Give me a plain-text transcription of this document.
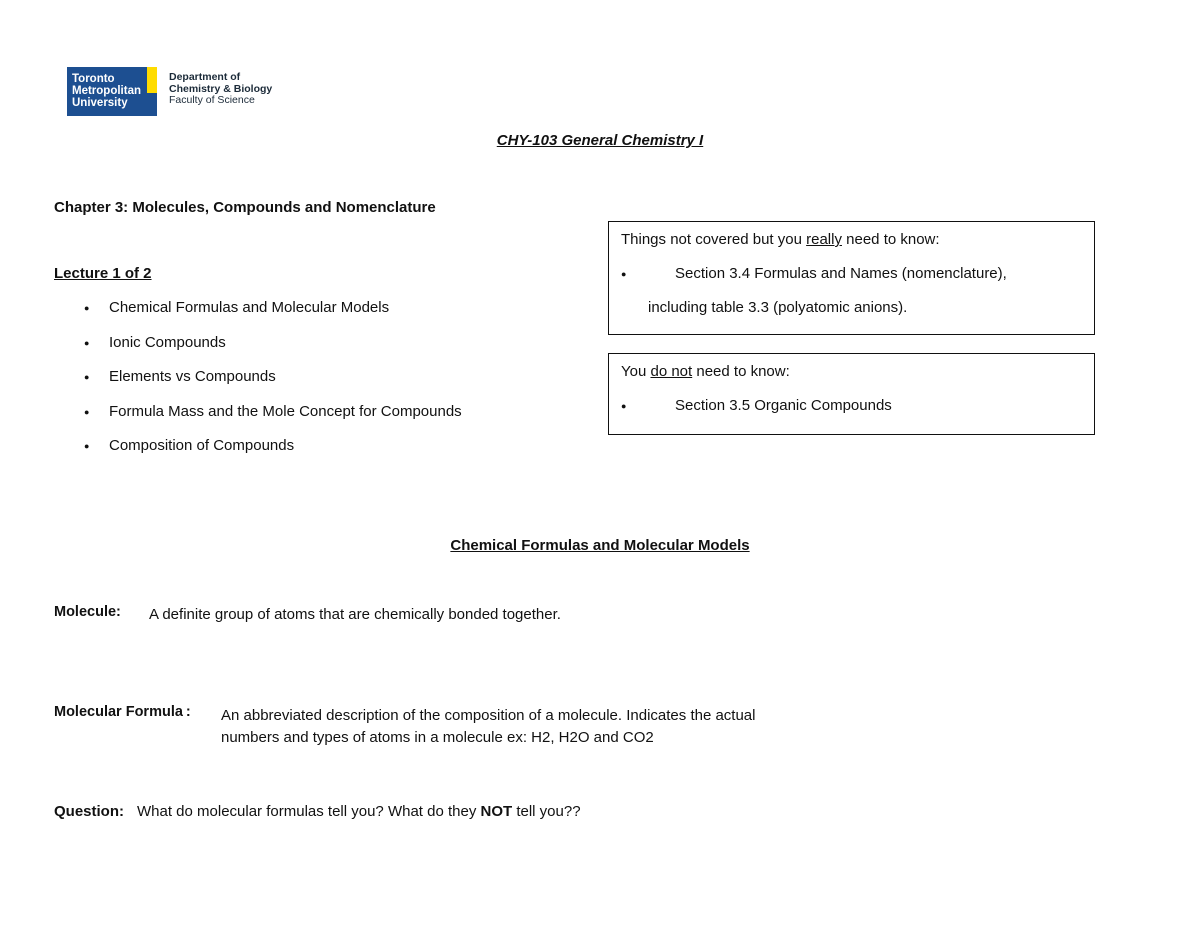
Toronto
Metropolitan
University
Department of
Chemistry & Biology
Faculty of Science
CHY-103 General Chemistry I
Chapter 3: Molecules, Compounds and Nomenclature
Lecture 1 of 2
● Chemical Formulas and Molecular Models
● Ionic Compounds
● Elements vs Compounds
● Formula Mass and the Mole Concept for Compounds
● Composition of Compounds
Things not covered but you really need to know:
●	Section 3.4 Formulas and Names (nomenclature),
including table 3.3 (polyatomic anions).
You do not need to know:
●	Section 3.5 Organic Compounds
Chemical Formulas and Molecular Models
Molecule: A definite group of atoms that are chemically bonded together.
Molecular Formula : An abbreviated description of the composition of a molecule. Indicates the actual
numbers and types of atoms in a molecule ex: H2, H2O and CO2
Question: What do molecular formulas tell you? What do they NOT tell you??
